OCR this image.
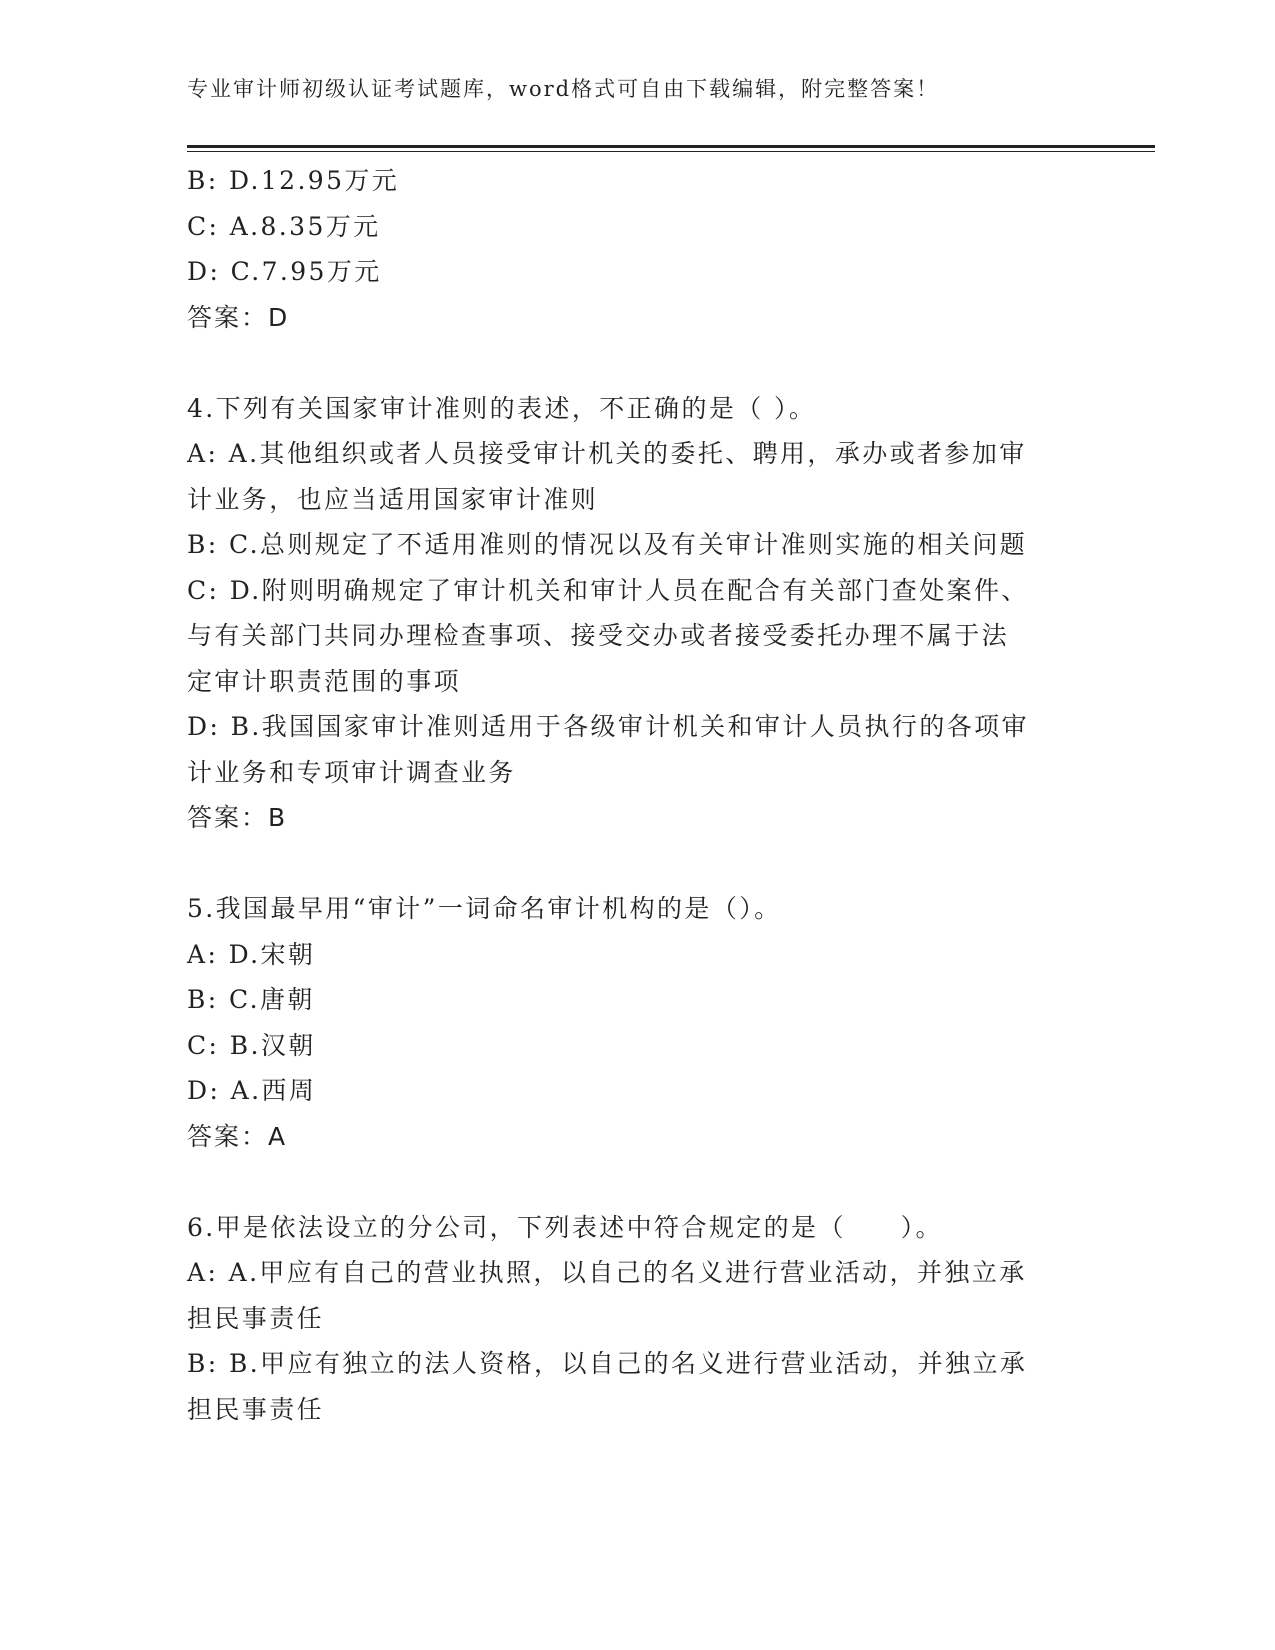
专业审计师初级认证考试题库，word格式可自由下载编辑，附完整答案！
B: D.12.95万元
C: A.8.35万元
D: C.7.95万元
答案：D
4.下列有关国家审计准则的表述，不正确的是（ ）。
A: A.其他组织或者人员接受审计机关的委托、聘用，承办或者参加审
计业务，也应当适用国家审计准则
B: C.总则规定了不适用准则的情况以及有关审计准则实施的相关问题
C: D.附则明确规定了审计机关和审计人员在配合有关部门查处案件、
与有关部门共同办理检查事项、接受交办或者接受委托办理不属于法
定审计职责范围的事项
D: B.我国国家审计准则适用于各级审计机关和审计人员执行的各项审
计业务和专项审计调查业务
答案：B
5.我国最早用“审计”一词命名审计机构的是（）。
A: D.宋朝
B: C.唐朝
C: B.汉朝
D: A.西周
答案：A
6.甲是依法设立的分公司，下列表述中符合规定的是（　　）。
A: A.甲应有自己的营业执照，以自己的名义进行营业活动，并独立承
担民事责任
B: B.甲应有独立的法人资格，以自己的名义进行营业活动，并独立承
担民事责任
